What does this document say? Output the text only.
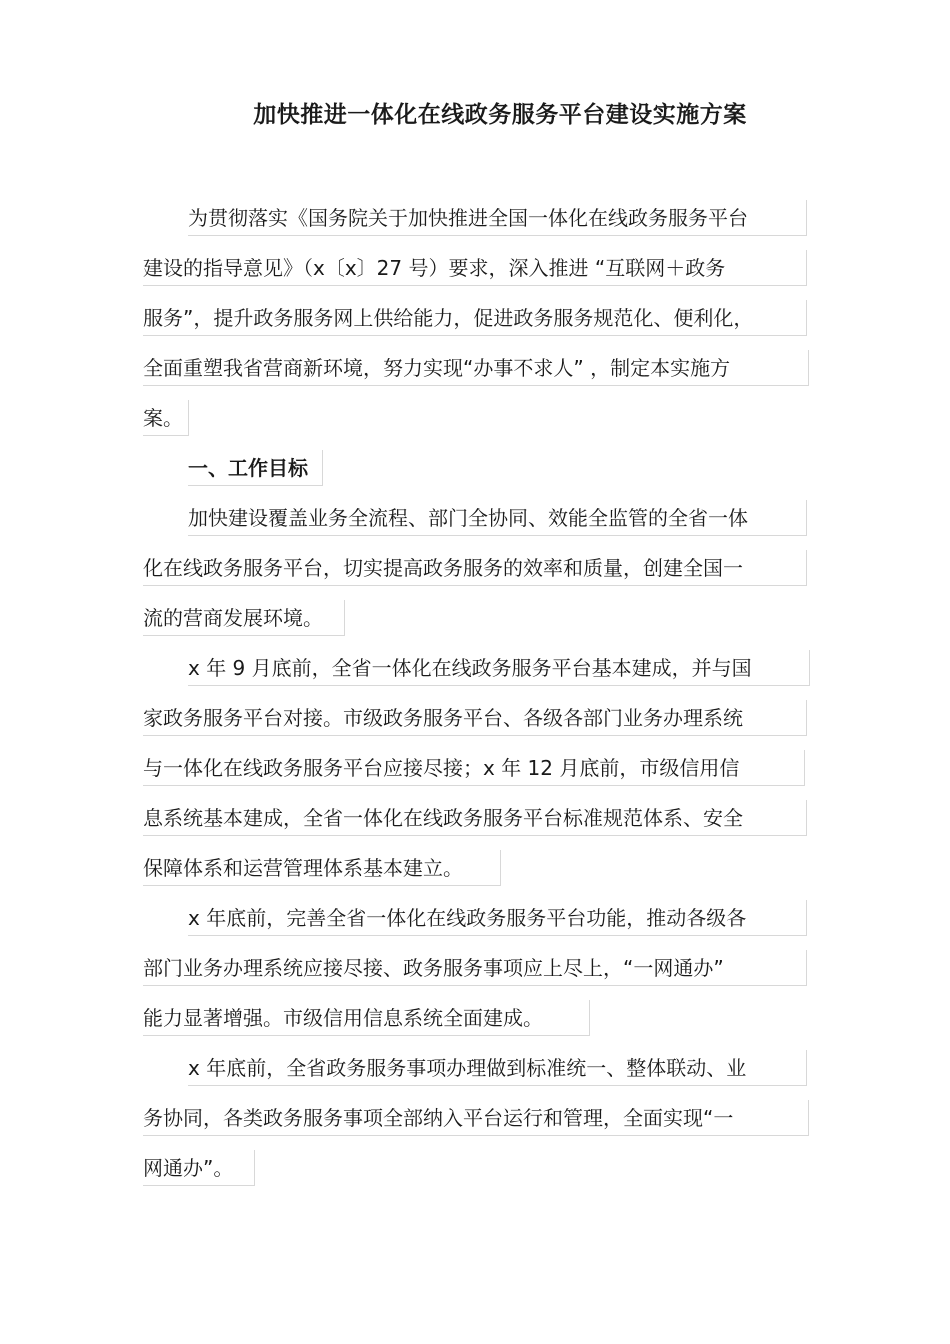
加快推进一体化在线政务服务平台建设实施方案
为贯彻落实《国务院关于加快推进全国一体化在线政务服务平台
建设的指导意见》（x〔x〕27 号）要求，深入推进 “互联网＋政务
服务”，提升政务服务网上供给能力，促进政务服务规范化、便利化，
全面重塑我省营商新环境，努力实现“办事不求人” ，制定本实施方
案。
一、工作目标
加快建设覆盖业务全流程、部门全协同、效能全监管的全省一体
化在线政务服务平台，切实提高政务服务的效率和质量，创建全国一
流的营商发展环境。
x 年 9 月底前，全省一体化在线政务服务平台基本建成，并与国
家政务服务平台对接。市级政务服务平台、各级各部门业务办理系统
与一体化在线政务服务平台应接尽接；x 年 12 月底前，市级信用信
息系统基本建成，全省一体化在线政务服务平台标准规范体系、安全
保障体系和运营管理体系基本建立。
x 年底前，完善全省一体化在线政务服务平台功能，推动各级各
部门业务办理系统应接尽接、政务服务事项应上尽上，“一网通办”
能力显著增强。市级信用信息系统全面建成。
x 年底前，全省政务服务事项办理做到标准统一、整体联动、业
务协同，各类政务服务事项全部纳入平台运行和管理，全面实现“一
网通办”。
